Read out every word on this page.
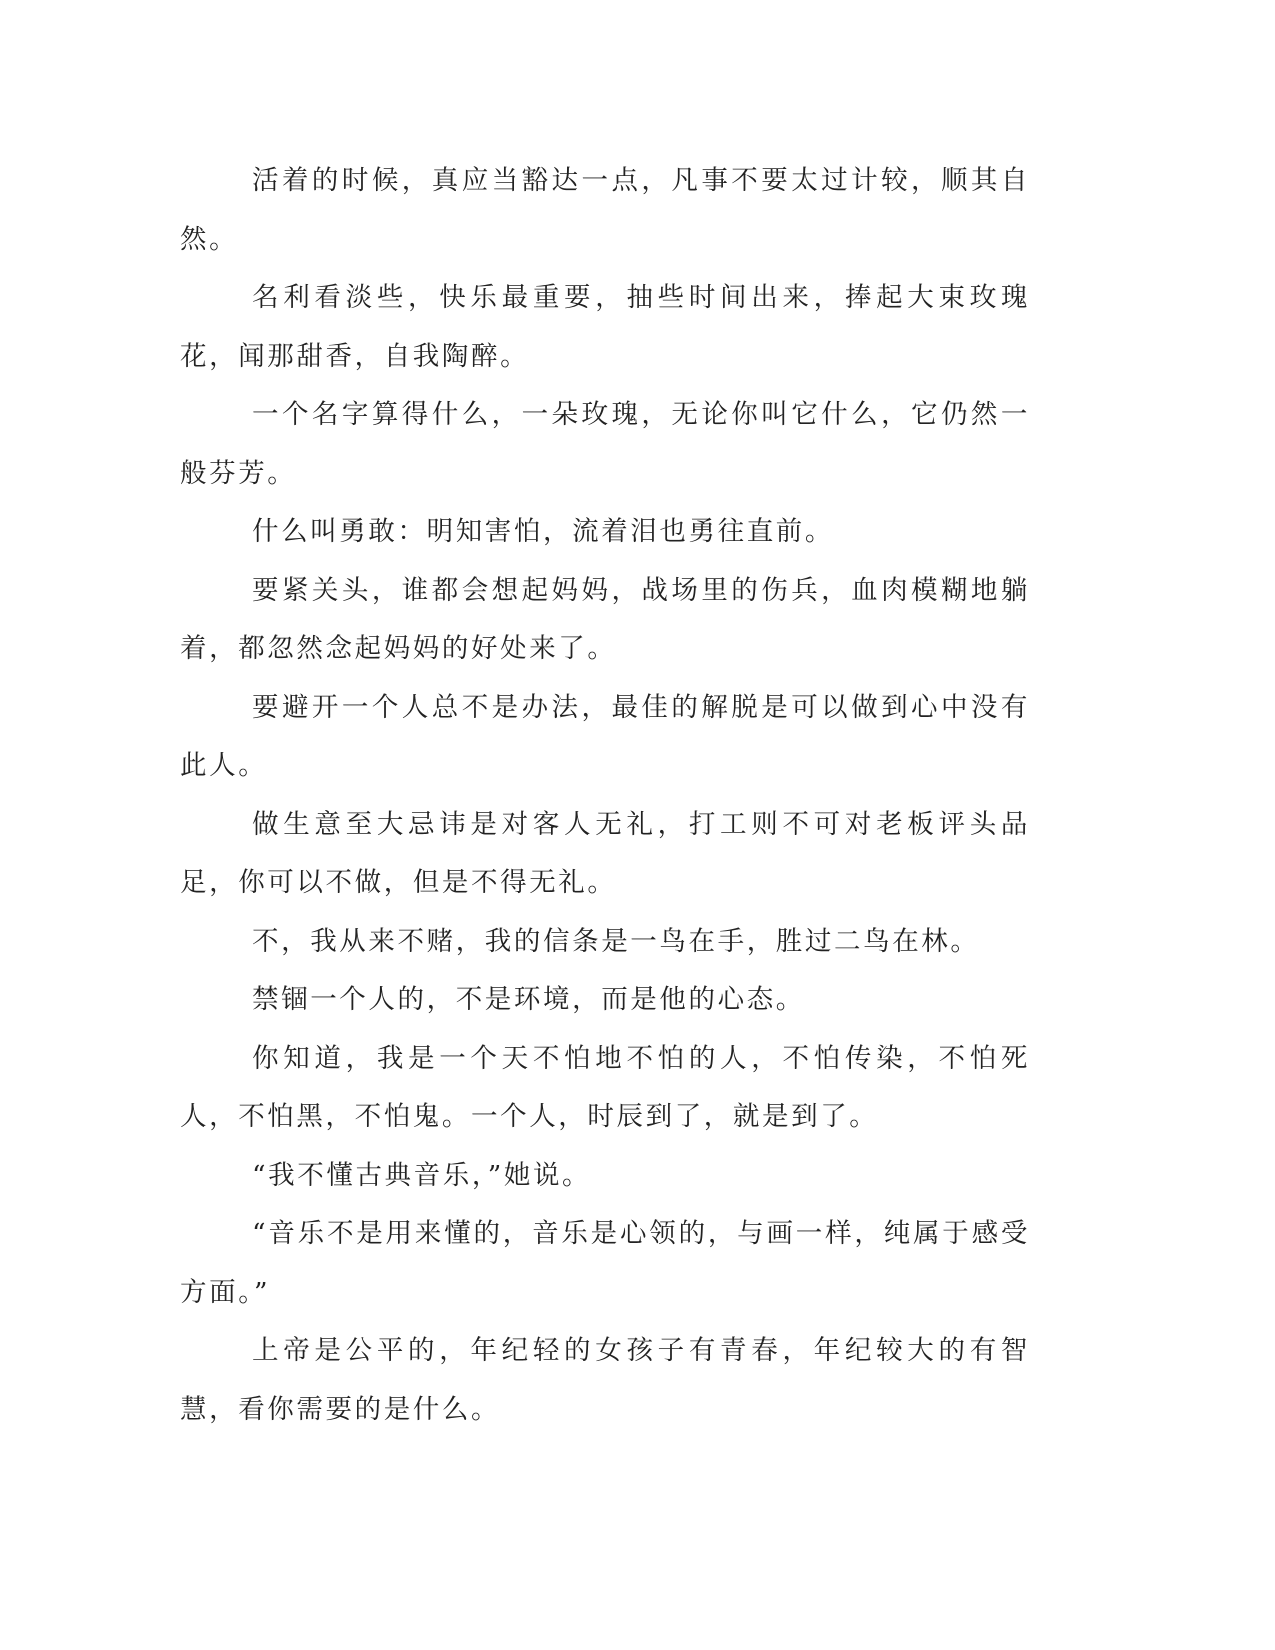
活着的时候，真应当豁达一点，凡事不要太过计较，顺其自然。

名利看淡些，快乐最重要，抽些时间出来，捧起大束玫瑰花，闻那甜香，自我陶醉。

一个名字算得什么，一朵玫瑰，无论你叫它什么，它仍然一般芬芳。

什么叫勇敢：明知害怕，流着泪也勇往直前。

要紧关头，谁都会想起妈妈，战场里的伤兵，血肉模糊地躺着，都忽然念起妈妈的好处来了。

要避开一个人总不是办法，最佳的解脱是可以做到心中没有此人。

做生意至大忌讳是对客人无礼，打工则不可对老板评头品足，你可以不做，但是不得无礼。

不，我从来不赌，我的信条是一鸟在手，胜过二鸟在林。

禁锢一个人的，不是环境，而是他的心态。

你知道，我是一个天不怕地不怕的人，不怕传染，不怕死人，不怕黑，不怕鬼。一个人，时辰到了，就是到了。

“我不懂古典音乐，”她说。

“音乐不是用来懂的，音乐是心领的，与画一样，纯属于感受方面。”

上帝是公平的，年纪轻的女孩子有青春，年纪较大的有智慧，看你需要的是什么。
